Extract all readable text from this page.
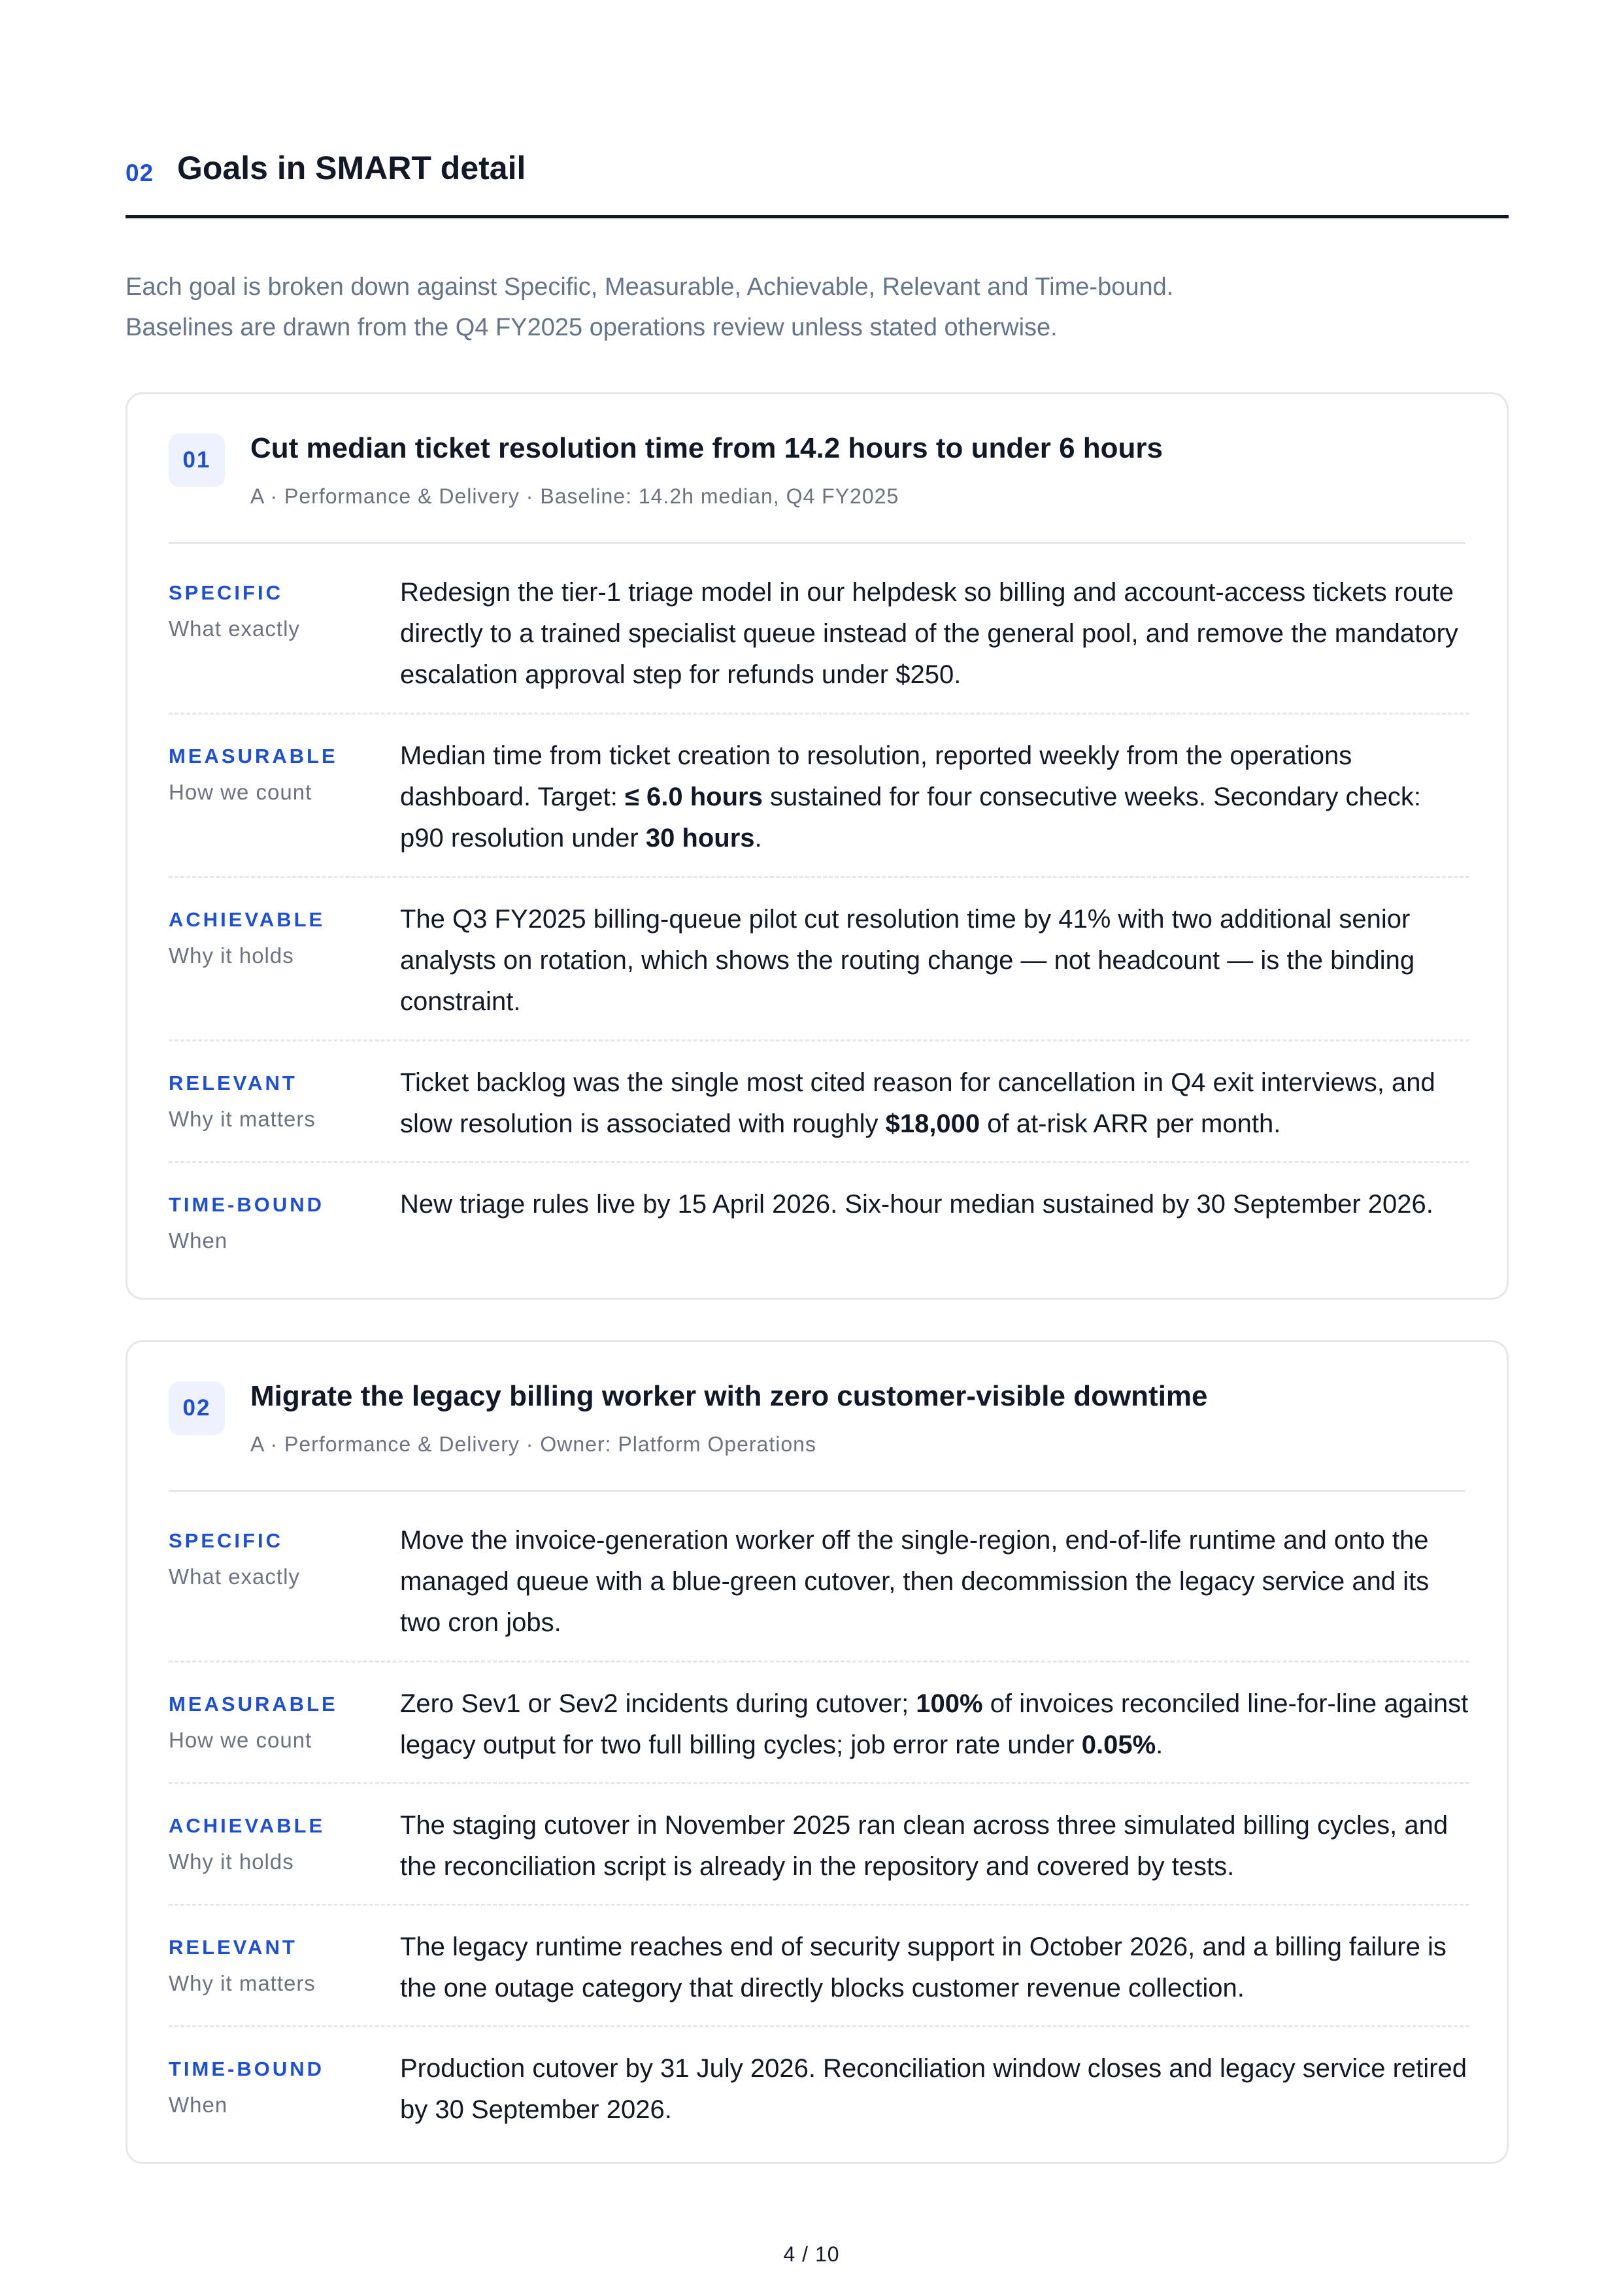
02 Goals in SMART detail

Each goal is broken down against Specific, Measurable, Achievable, Relevant and Time-bound. Baselines are drawn from the Q4 FY2025 operations review unless stated otherwise.

01	Cut median ticket resolution time from 14.2 hours to under 6 hours
A · Performance & Delivery · Baseline: 14.2h median, Q4 FY2025
SPECIFIC
What exactly
Redesign the tier-1 triage model in our helpdesk so billing and account-access tickets route directly to a trained specialist queue instead of the general pool, and remove the mandatory escalation approval step for refunds under $250.
MEASURABLE
How we count
Median time from ticket creation to resolution, reported weekly from the operations dashboard. Target: ≤ 6.0 hours sustained for four consecutive weeks. Secondary check: p90 resolution under 30 hours.
ACHIEVABLE
Why it holds
The Q3 FY2025 billing-queue pilot cut resolution time by 41% with two additional senior analysts on rotation, which shows the routing change — not headcount — is the binding constraint.
RELEVANT
Why it matters
Ticket backlog was the single most cited reason for cancellation in Q4 exit interviews, and slow resolution is associated with roughly $18,000 of at-risk ARR per month.
TIME-BOUND
When
New triage rules live by 15 April 2026. Six-hour median sustained by 30 September 2026.
02	Migrate the legacy billing worker with zero customer-visible downtime
A · Performance & Delivery · Owner: Platform Operations
SPECIFIC
What exactly
Move the invoice-generation worker off the single-region, end-of-life runtime and onto the managed queue with a blue-green cutover, then decommission the legacy service and its two cron jobs.
MEASURABLE
How we count
Zero Sev1 or Sev2 incidents during cutover; 100% of invoices reconciled line-for-line against legacy output for two full billing cycles; job error rate under 0.05%.
ACHIEVABLE
Why it holds
The staging cutover in November 2025 ran clean across three simulated billing cycles, and the reconciliation script is already in the repository and covered by tests.
RELEVANT
Why it matters
The legacy runtime reaches end of security support in October 2026, and a billing failure is the one outage category that directly blocks customer revenue collection.
TIME-BOUND
When
Production cutover by 31 July 2026. Reconciliation window closes and legacy service retired by 30 September 2026.
4 / 10
